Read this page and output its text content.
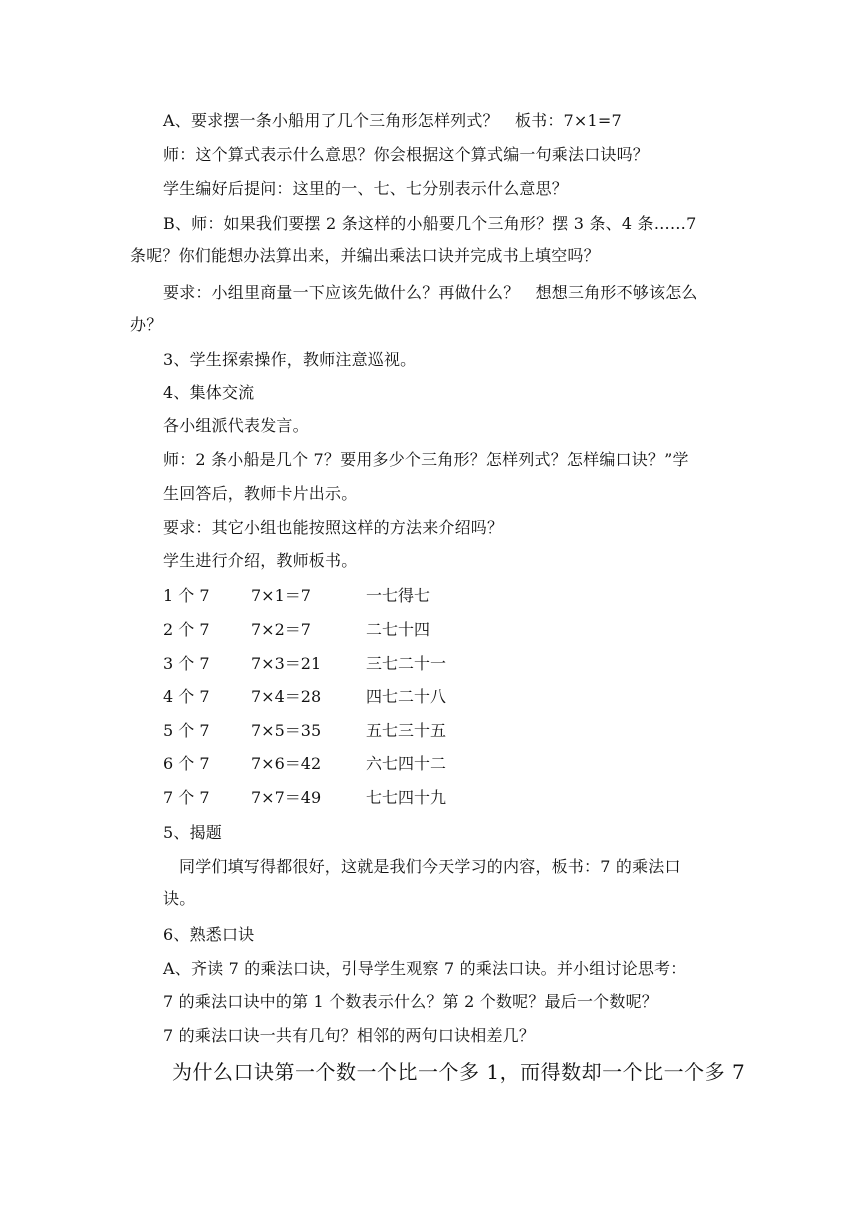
A、要求摆一条小船用了几个三角形怎样列式？　板书：7×1=7
师：这个算式表示什么意思？你会根据这个算式编一句乘法口诀吗？
学生编好后提问：这里的一、七、七分别表示什么意思？
B、师：如果我们要摆 2 条这样的小船要几个三角形？摆 3 条、4 条……7
条呢？你们能想办法算出来，并编出乘法口诀并完成书上填空吗？
要求：小组里商量一下应该先做什么？再做什么？　想想三角形不够该怎么
办？
3、学生探索操作，教师注意巡视。
4、集体交流
各小组派代表发言。
师：2 条小船是几个 7？要用多少个三角形？怎样列式？怎样编口诀？”学
生回答后，教师卡片出示。
要求：其它小组也能按照这样的方法来介绍吗？
学生进行介绍，教师板书。
1 个 7	7×1＝7	一七得七
2 个 7	7×2＝7	二七十四
3 个 7	7×3＝21	三七二十一
4 个 7	7×4＝28	四七二十八
5 个 7	7×5＝35	五七三十五
6 个 7	7×6＝42	六七四十二
7 个 7	7×7＝49	七七四十九
5、揭题
同学们填写得都很好，这就是我们今天学习的内容，板书：7 的乘法口
诀。
6、熟悉口诀
A、齐读 7 的乘法口诀，引导学生观察 7 的乘法口诀。并小组讨论思考：
7 的乘法口诀中的第 1 个数表示什么？第 2 个数呢？最后一个数呢？
7 的乘法口诀一共有几句？相邻的两句口诀相差几？
为什么口诀第一个数一个比一个多 1，而得数却一个比一个多 7
